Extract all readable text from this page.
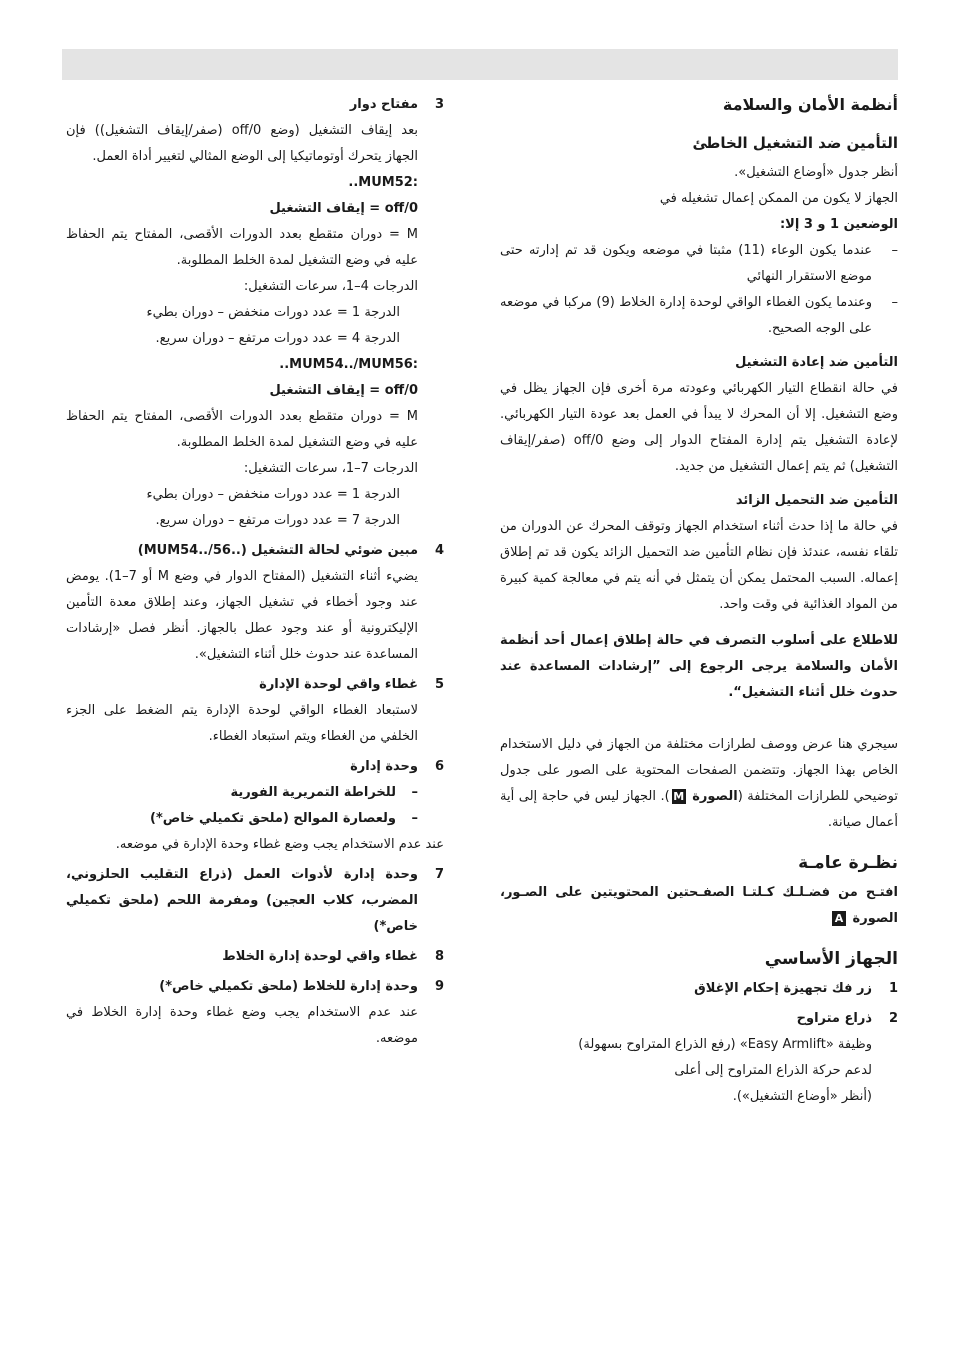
أنظمة الأمان والسلامة
التأمين ضد التشغيل الخاطئ

أنظر جدول «أوضاع التشغيل».

الجهاز لا يكون من الممكن إعمال تشغيله في

الوضعين 1 و 3 إلا:

–
عندما يكون الوعاء (11) مثبتا في موضعه ويكون قد تم إدارته حتى موضع الاستقرار النهائي
–
وعندما يكون الغطاء الواقي لوحدة إدارة الخلاط (9) مركبا في موضعه على الوجه الصحيح.
التأمين ضد إعادة التشغيل

في حالة انقطاع التيار الكهربائي وعودته مرة أخرى فإن الجهاز يظل في وضع التشغيل. إلا أن المحرك لا يبدأ في العمل بعد عودة التيار الكهربائي. لإعادة التشغيل يتم إدارة المفتاح الدوار إلى وضع off/0 (صفر/إيقاف التشغيل) ثم يتم إعمال التشغيل من جديد.

التأمين ضد التحميل الزائد

في حالة ما إذا حدث أثناء استخدام الجهاز وتوقف المحرك عن الدوران من تلقاء نفسه، عندئذ فإن نظام التأمين ضد التحميل الزائد يكون قد تم إطلاق إعماله. السبب المحتمل يمكن أن يتمثل في أنه يتم في معالجة كمية كبيرة من المواد الغذائية في وقت واحد.

للاطلاع على أسلوب التصرف في حالة إطلاق إعمال أحد أنظمة الأمان والسلامة يرجى الرجوع إلى ”إرشادات المساعدة عند حدوث خلل أثناء التشغيل“.

سيجري هنا عرض ووصف لطرازات مختلفة من الجهاز في دليل الاستخدام الخاص بهذا الجهاز. وتتضمن الصفحات المحتوية على الصور على جدول توضيحي للطرازات المختلفة (الصورة M). الجهاز ليس في حاجة إلى أية أعمال صيانة.

نظـرة عامـة

افتـح من فضـلـك كـلتـا الصفـحتين المحتويتين على الصـور، الصورة A

الجهاز الأساسي
1
زر فك تجهيزة إحكام الإغلاق
2
ذراع متراوح
وظيفة «Easy Armlift» (رفع الذراع المتراوح بسهولة)
لدعم حركة الذراع المتراوح إلى أعلى
(أنظر «أوضاع التشغيل»).
3
مفتاح دوار
بعد إيقاف التشغيل (وضع off/0 (صفر/إيقاف التشغيل)) فإن الجهاز يتحرك أوتوماتيكيا إلى الوضع المثالي لتغيير أداة العمل.
..MUM52:
off/0 = إيقاف التشغيل
M = دوران متقطع بعدد الدورات الأقصى، المفتاح يتم الحفاظ عليه في وضع التشغيل لمدة الخلط المطلوبة.
الدرجات 4–1، سرعات التشغيل:
الدرجة 1 = عدد دورات منخفض – دوران بطيء
الدرجة 4 = عدد دورات مرتفع – دوران سريع.
..MUM54../MUM56:
off/0 = إيقاف التشغيل
M = دوران متقطع بعدد الدورات الأقصى، المفتاح يتم الحفاظ عليه في وضع التشغيل لمدة الخلط المطلوبة.
الدرجات 7–1، سرعات التشغيل:
الدرجة 1 = عدد دورات منخفض – دوران بطيء
الدرجة 7 = عدد دورات مرتفع – دوران سريع.
4
مبين ضوئي لحالة التشغيل (..MUM54../56)
يضيء أثناء التشغيل (المفتاح الدوار في وضع M أو 7–1). يومض عند وجود أخطاء في تشغيل الجهاز، وعند إطلاق معدة التأمين الإليكترونية أو عند وجود عطل بالجهاز. أنظر فصل «إرشادات المساعدة عند حدوث خلل أثناء التشغيل».
5
غطاء واقي لوحدة الإدارة
لاستبعاد الغطاء الواقي لوحدة الإدارة يتم الضغط على الجزء الخلفي من الغطاء ويتم استبعاد الغطاء.
6
وحدة إدارة
–
للخراطة التمريرية الفورية
–
ولعصارة الموالح (ملحق تكميلي خاص*)

عند عدم الاستخدام يجب وضع غطاء وحدة الإدارة في موضعه.

7
وحدة إدارة لأدوات العمل (ذراع التقليب الحلزوني، المضرب، كلاب العجين) ومفرمة اللحم (ملحق تكميلي خاص*)
8
غطاء واقي لوحدة إدارة الخلاط
9
وحدة إدارة للخلاط (ملحق تكميلي خاص*)
عند عدم الاستخدام يجب وضع غطاء وحدة إدارة الخلاط في موضعه.
